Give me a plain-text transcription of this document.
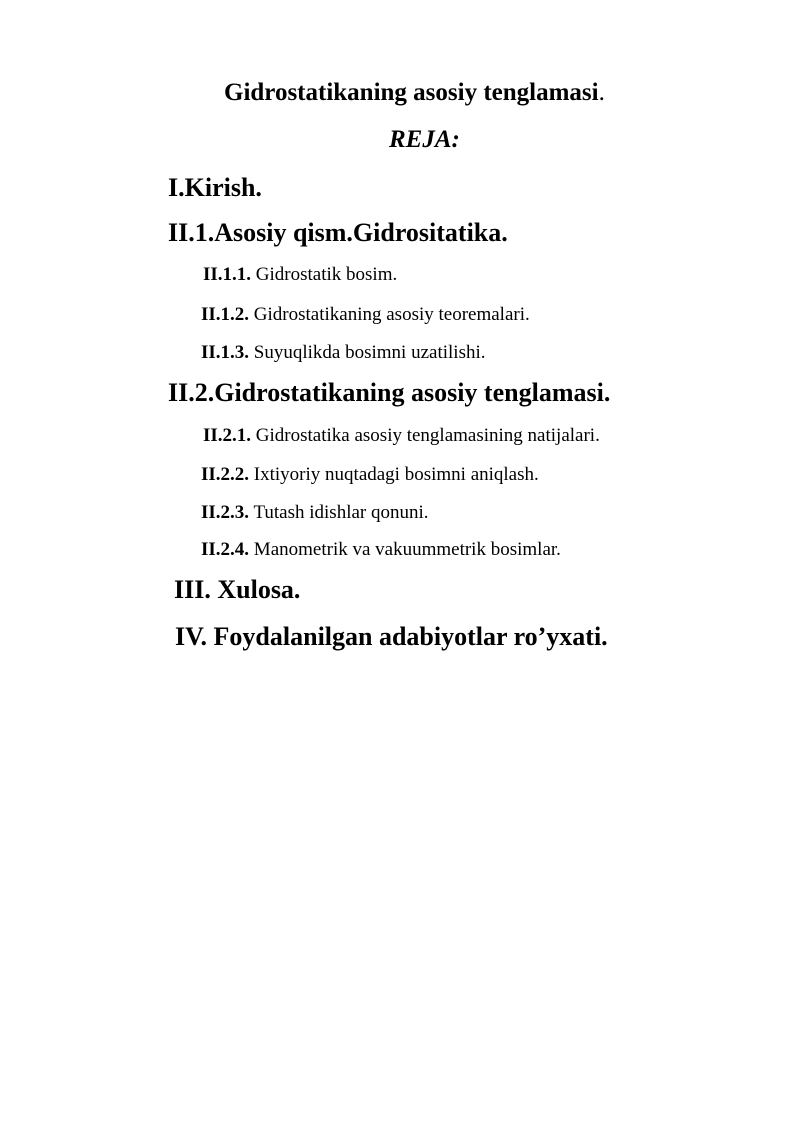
Gidrostatikaning asosiy tenglamasi.
REJA:
I.Kirish.
II.1.Asosiy qism.Gidrositatika.
II.1.1. Gidrostatik bosim.
II.1.2. Gidrostatikaning asosiy teoremalari.
II.1.3. Suyuqlikda bosimni uzatilishi.
II.2.Gidrostatikaning asosiy tenglamasi.
II.2.1. Gidrostatika asosiy tenglamasining natijalari.
II.2.2. Ixtiyoriy nuqtadagi bosimni aniqlash.
II.2.3. Tutash idishlar qonuni.
II.2.4. Manometrik va vakuummetrik bosimlar.
III. Xulosa.
IV. Foydalanilgan adabiyotlar ro’yxati.
